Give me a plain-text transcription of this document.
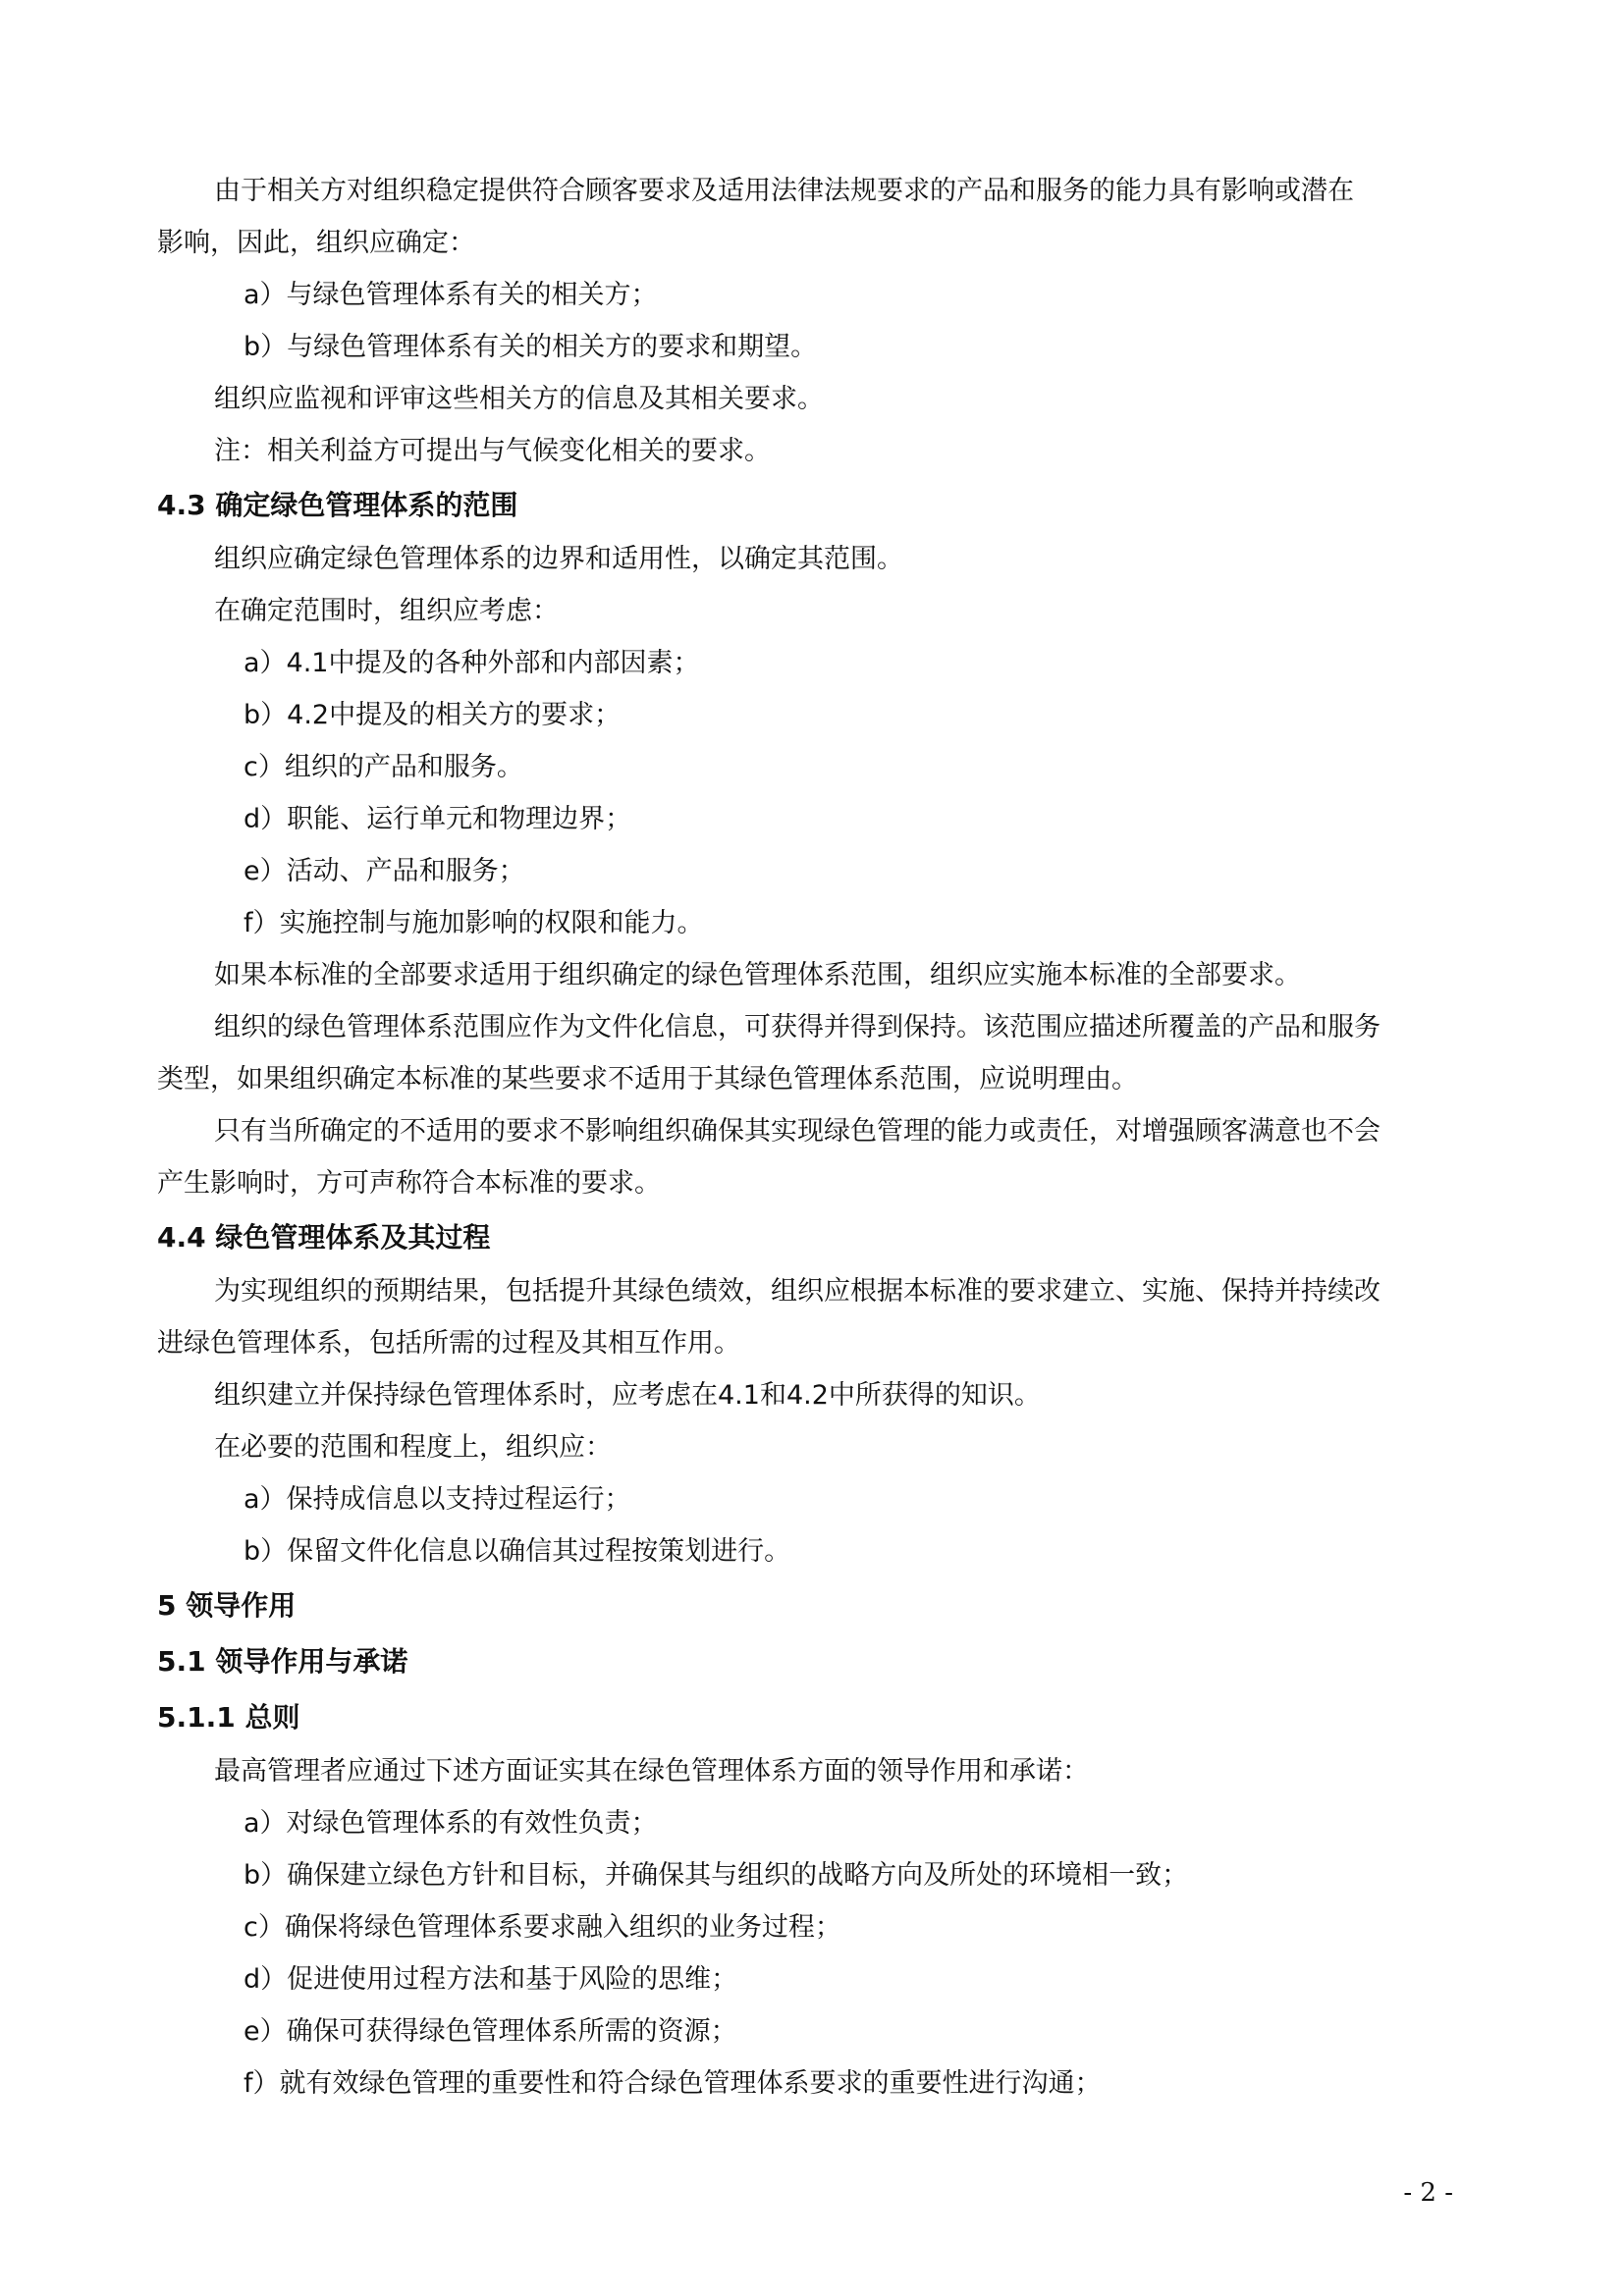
由于相关方对组织稳定提供符合顾客要求及适用法律法规要求的产品和服务的能力具有影响或潜在

影响，因此，组织应确定：

a）与绿色管理体系有关的相关方；

b）与绿色管理体系有关的相关方的要求和期望。

组织应监视和评审这些相关方的信息及其相关要求。

注：相关利益方可提出与气候变化相关的要求。

4.3 确定绿色管理体系的范围

组织应确定绿色管理体系的边界和适用性，以确定其范围。

在确定范围时，组织应考虑：

a）4.1中提及的各种外部和内部因素；

b）4.2中提及的相关方的要求；

c）组织的产品和服务。

d）职能、运行单元和物理边界；

e）活动、产品和服务；

f）实施控制与施加影响的权限和能力。

如果本标准的全部要求适用于组织确定的绿色管理体系范围，组织应实施本标准的全部要求。

组织的绿色管理体系范围应作为文件化信息，可获得并得到保持。该范围应描述所覆盖的产品和服务

类型，如果组织确定本标准的某些要求不适用于其绿色管理体系范围，应说明理由。

只有当所确定的不适用的要求不影响组织确保其实现绿色管理的能力或责任，对增强顾客满意也不会

产生影响时，方可声称符合本标准的要求。

4.4 绿色管理体系及其过程

为实现组织的预期结果，包括提升其绿色绩效，组织应根据本标准的要求建立、实施、保持并持续改

进绿色管理体系，包括所需的过程及其相互作用。

组织建立并保持绿色管理体系时，应考虑在4.1和4.2中所获得的知识。

在必要的范围和程度上，组织应：

a）保持成信息以支持过程运行；

b）保留文件化信息以确信其过程按策划进行。

5 领导作用

5.1 领导作用与承诺

5.1.1 总则

最高管理者应通过下述方面证实其在绿色管理体系方面的领导作用和承诺：

a）对绿色管理体系的有效性负责；

b）确保建立绿色方针和目标，并确保其与组织的战略方向及所处的环境相一致；

c）确保将绿色管理体系要求融入组织的业务过程；

d）促进使用过程方法和基于风险的思维；

e）确保可获得绿色管理体系所需的资源；

f）就有效绿色管理的重要性和符合绿色管理体系要求的重要性进行沟通；

- 2 -
